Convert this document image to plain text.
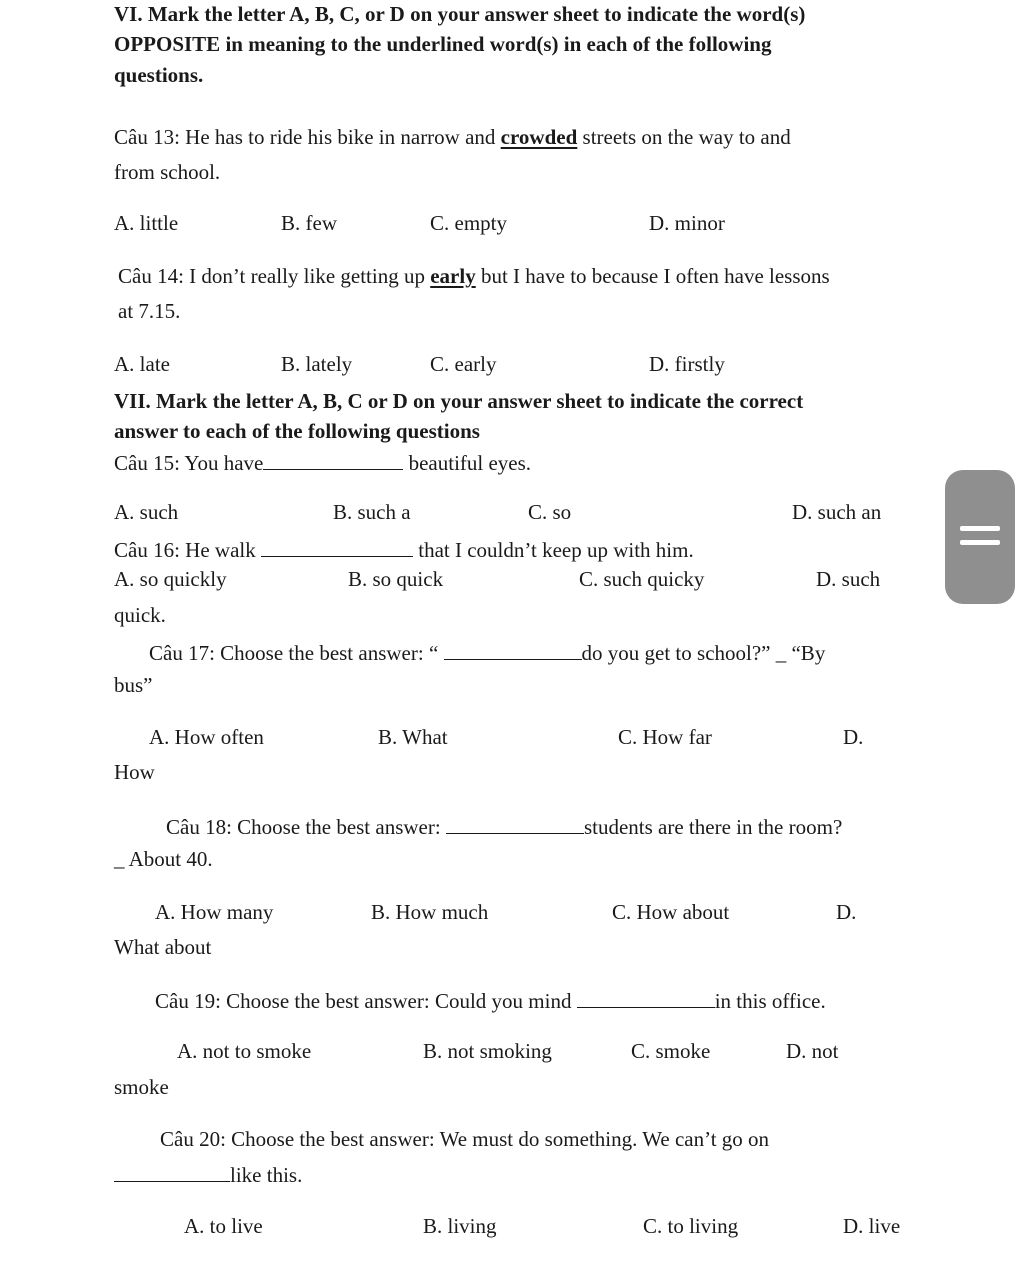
VI. Mark the letter A, B, C, or D on your answer sheet to indicate the word(s)
OPPOSITE in meaning to the underlined word(s) in each of the following
questions.
Câu 13: He has to ride his bike in narrow and crowded streets on the way to and
from school.
A. little	B. few	C. empty	D. minor
Câu 14: I don’t really like getting up early but I have to because I often have lessons
at 7.15.
A. late	B. lately	C. early	D. firstly
VII. Mark the letter A, B, C or D on your answer sheet to indicate the correct
answer to each of the following questions
Câu 15: You have	beautiful eyes.
A. such	B. such a	C. so	D. such an
Câu 16: He walk	that I couldn’t keep up with him.
A. so quickly	B. so quick	C. such quicky	D. such
quick.
Câu 17: Choose the best answer: “	do you get to school?” _ “By
bus”
A. How often	B. What	C. How far	D.
How
Câu 18: Choose the best answer:	students are there in the room?
_ About 40.
A. How many	B. How much	C. How about	D.
What about
Câu 19: Choose the best answer: Could you mind	in this office.
A. not to smoke	B. not smoking	C. smoke	D. not
smoke
Câu 20: Choose the best answer: We must do something. We can’t go on
like this.
A. to live	B. living	C. to living	D. live
